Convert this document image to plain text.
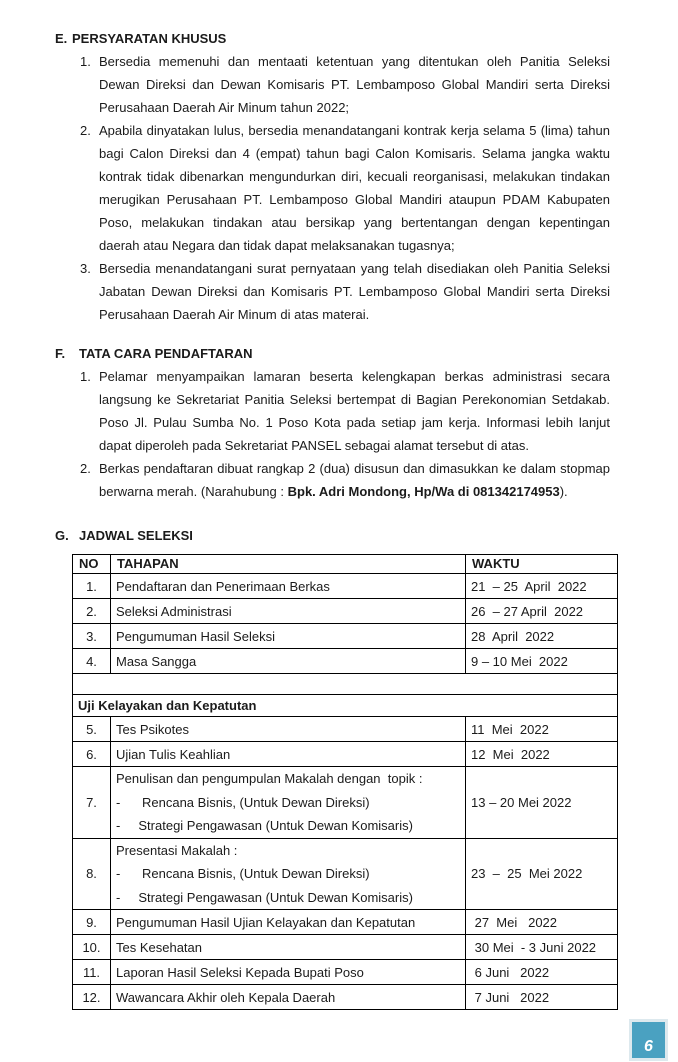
E. PERSYARATAN KHUSUS
1. Bersedia memenuhi dan mentaati ketentuan yang ditentukan oleh Panitia Seleksi Dewan Direksi dan Dewan Komisaris PT. Lembamposo Global Mandiri serta Direksi Perusahaan Daerah Air Minum tahun 2022;
2. Apabila dinyatakan lulus, bersedia menandatangani kontrak kerja selama 5 (lima) tahun bagi Calon Direksi dan 4 (empat) tahun bagi Calon Komisaris. Selama jangka waktu kontrak tidak dibenarkan mengundurkan diri, kecuali reorganisasi, melakukan tindakan merugikan Perusahaan PT. Lembamposo Global Mandiri ataupun PDAM Kabupaten Poso, melakukan tindakan atau bersikap yang bertentangan dengan kepentingan daerah atau Negara dan tidak dapat melaksanakan tugasnya;
3. Bersedia menandatangani surat pernyataan yang telah disediakan oleh Panitia Seleksi Jabatan Dewan Direksi dan Komisaris PT. Lembamposo Global Mandiri serta Direksi Perusahaan Daerah Air Minum di atas materai.
F.	TATA CARA PENDAFTARAN
1. Pelamar menyampaikan lamaran beserta kelengkapan berkas administrasi secara langsung ke Sekretariat Panitia Seleksi bertempat di Bagian Perekonomian Setdakab. Poso Jl. Pulau Sumba No. 1 Poso Kota pada setiap jam kerja. Informasi lebih lanjut dapat diperoleh pada Sekretariat PANSEL sebagai alamat tersebut di atas.
2. Berkas pendaftaran dibuat rangkap 2 (dua) disusun dan dimasukkan ke dalam stopmap berwarna merah. (Narahubung : Bpk. Adri Mondong, Hp/Wa di 081342174953).
G. JADWAL SELEKSI
NO	TAHAPAN	WAKTU
1.	Pendaftaran dan Penerimaan Berkas	21  – 25  April  2022
2.	Seleksi Administrasi	26  – 27 April  2022
3.	Pengumuman Hasil Seleksi	28  April  2022
4.	Masa Sangga	9 – 10 Mei  2022

Uji Kelayakan dan Kepatutan		
5.	Tes Psikotes	11  Mei  2022
6.	Ujian Tulis Keahlian	12  Mei  2022
7.	Penulisan dan pengumpulan Makalah dengan  topik :
-      Rencana Bisnis, (Untuk Dewan Direksi)
-     Strategi Pengawasan (Untuk Dewan Komisaris)	13 – 20 Mei 2022
8.	Presentasi Makalah :
-      Rencana Bisnis, (Untuk Dewan Direksi)
-     Strategi Pengawasan (Untuk Dewan Komisaris)	23  –  25  Mei 2022
9.	Pengumuman Hasil Ujian Kelayakan dan Kepatutan	27  Mei   2022
10.	Tes Kesehatan	30 Mei  - 3 Juni 2022
11.	Laporan Hasil Seleksi Kepada Bupati Poso	6 Juni   2022
12.	Wawancara Akhir oleh Kepala Daerah	7 Juni   2022
6
